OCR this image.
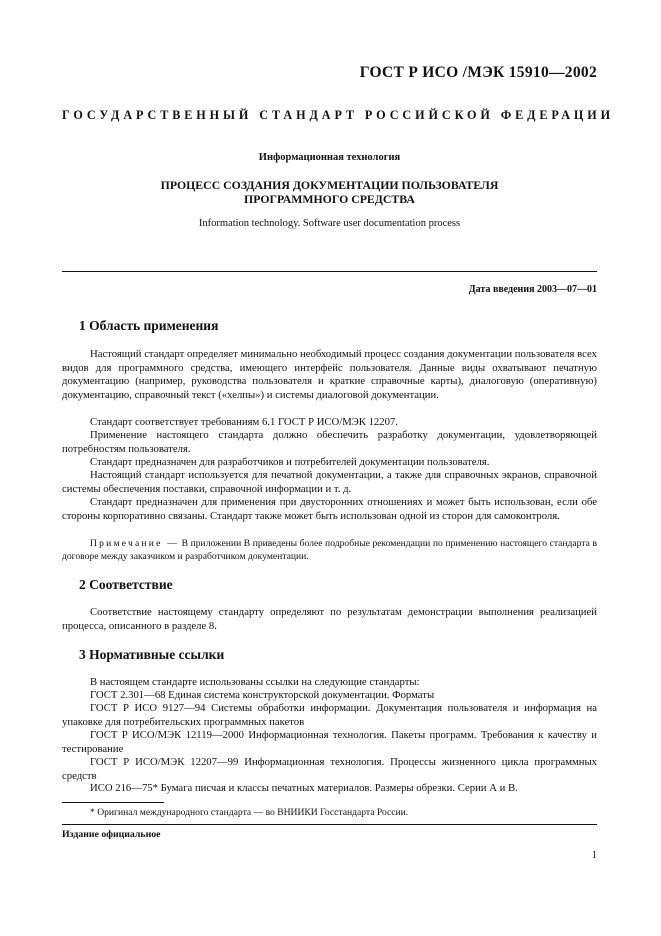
ГОСТ Р ИСО /МЭК 15910—2002
ГОСУДАРСТВЕННЫЙ СТАНДАРТ РОССИЙСКОЙ ФЕДЕРАЦИИ
Информационная технология
ПРОЦЕСС СОЗДАНИЯ ДОКУМЕНТАЦИИ ПОЛЬЗОВАТЕЛЯ
ПРОГРАММНОГО СРЕДСТВА
Information technology. Software user documentation process
Дата введения 2003—07—01
1 Область применения

Настоящий стандарт определяет минимально необходимый процесс создания документации пользователя всех видов для программного средства, имеющего интерфейс пользователя. Данные виды охватывают печатную документацию (например, руководства пользователя и краткие справочные карты), диалоговую (оперативную) документацию, справочный текст («хелпы») и системы диалоговой документации.

Стандарт соответствует требованиям 6.1 ГОСТ Р ИСО/МЭК 12207.

Применение настоящего стандарта должно обеспечить разработку документации, удовлетворяющей потребностям пользователя.

Стандарт предназначен для разработчиков и потребителей документации пользователя.

Настоящий стандарт используется для печатной документации, а также для справочных экранов, справочной системы обеспечения поставки, справочной информации и т. д.

Стандарт предназначен для применения при двусторонних отношениях и может быть использован, если обе стороны корпоративно связаны. Стандарт также может быть использован одной из сторон для самоконтроля.

Примечание — В приложении В приведены более подробные рекомендации по применению настоящего стандарта в договоре между заказчиком и разработчиком документации.

2 Соответствие

Соответствие настоящему стандарту определяют по результатам демонстрации выполнения реализацией процесса, описанного в разделе 8.

3 Нормативные ссылки

В настоящем стандарте использованы ссылки на следующие стандарты:

ГОСТ 2.301—68 Единая система конструкторской документации. Форматы

ГОСТ Р ИСО 9127—94 Системы обработки информации. Документация пользователя и информация на упаковке для потребительских программных пакетов

ГОСТ Р ИСО/МЭК 12119—2000 Информационная технология. Пакеты программ. Требования к качеству и тестирование

ГОСТ Р ИСО/МЭК 12207—99 Информационная технология. Процессы жизненного цикла программных средств

ИСО 216—75* Бумага писчая и классы печатных материалов. Размеры обрезки. Серии А и В.

* Оригинал международного стандарта — во ВНИИКИ Госстандарта России.

Издание официальное
1
